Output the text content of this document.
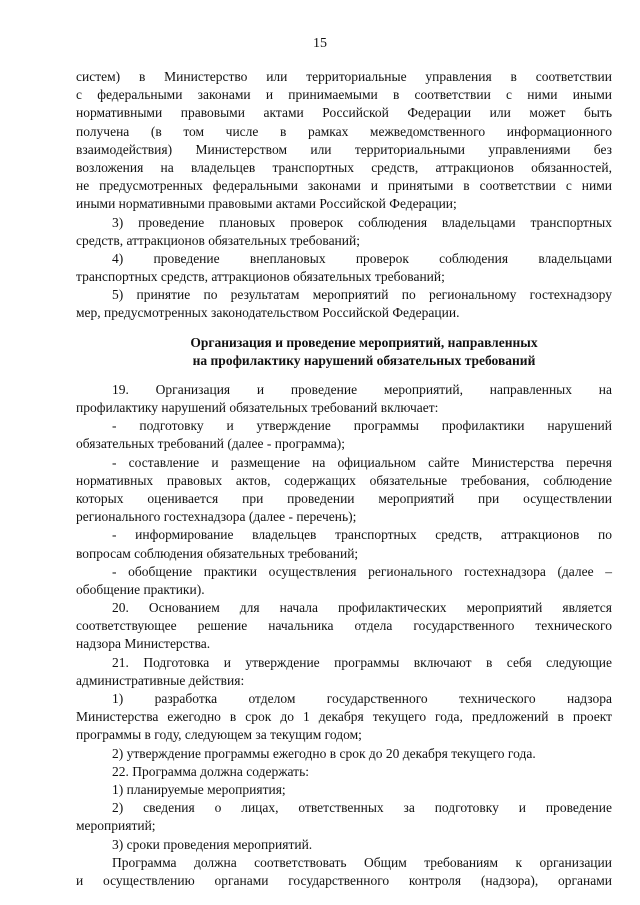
15
систем) в Министерство или территориальные управления в соответствии
с федеральными законами и принимаемыми в соответствии с ними иными
нормативными правовыми актами Российской Федерации или может быть
получена (в том числе в рамках межведомственного информационного
взаимодействия) Министерством или территориальными управлениями без
возложения на владельцев транспортных средств, аттракционов обязанностей,
не предусмотренных федеральными законами и принятыми в соответствии с ними
иными нормативными правовыми актами Российской Федерации;
3) проведение плановых проверок соблюдения владельцами транспортных
средств, аттракционов обязательных требований;
4) проведение внеплановых проверок соблюдения владельцами
транспортных средств, аттракционов обязательных требований;
5) принятие по результатам мероприятий по региональному гостехнадзору
мер, предусмотренных законодательством Российской Федерации.
Организация и проведение мероприятий, направленных
на профилактику нарушений обязательных требований
19. Организация и проведение мероприятий, направленных на
профилактику нарушений обязательных требований включает:
- подготовку и утверждение программы профилактики нарушений
обязательных требований (далее - программа);
- составление и размещение на официальном сайте Министерства перечня
нормативных правовых актов, содержащих обязательные требования, соблюдение
которых оценивается при проведении мероприятий при осуществлении
регионального гостехнадзора (далее - перечень);
- информирование владельцев транспортных средств, аттракционов по
вопросам соблюдения обязательных требований;
- обобщение практики осуществления регионального гостехнадзора (далее –
обобщение практики).
20. Основанием для начала профилактических мероприятий является
соответствующее решение начальника отдела государственного технического
надзора Министерства.
21. Подготовка и утверждение программы включают в себя следующие
административные действия:
1) разработка отделом государственного технического надзора
Министерства ежегодно в срок до 1 декабря текущего года, предложений в проект
программы в году, следующем за текущим годом;
2) утверждение программы ежегодно в срок до 20 декабря текущего года.
22. Программа должна содержать:
1) планируемые мероприятия;
2) сведения о лицах, ответственных за подготовку и проведение
мероприятий;
3) сроки проведения мероприятий.
Программа должна соответствовать Общим требованиям к организации
и осуществлению органами государственного контроля (надзора), органами
